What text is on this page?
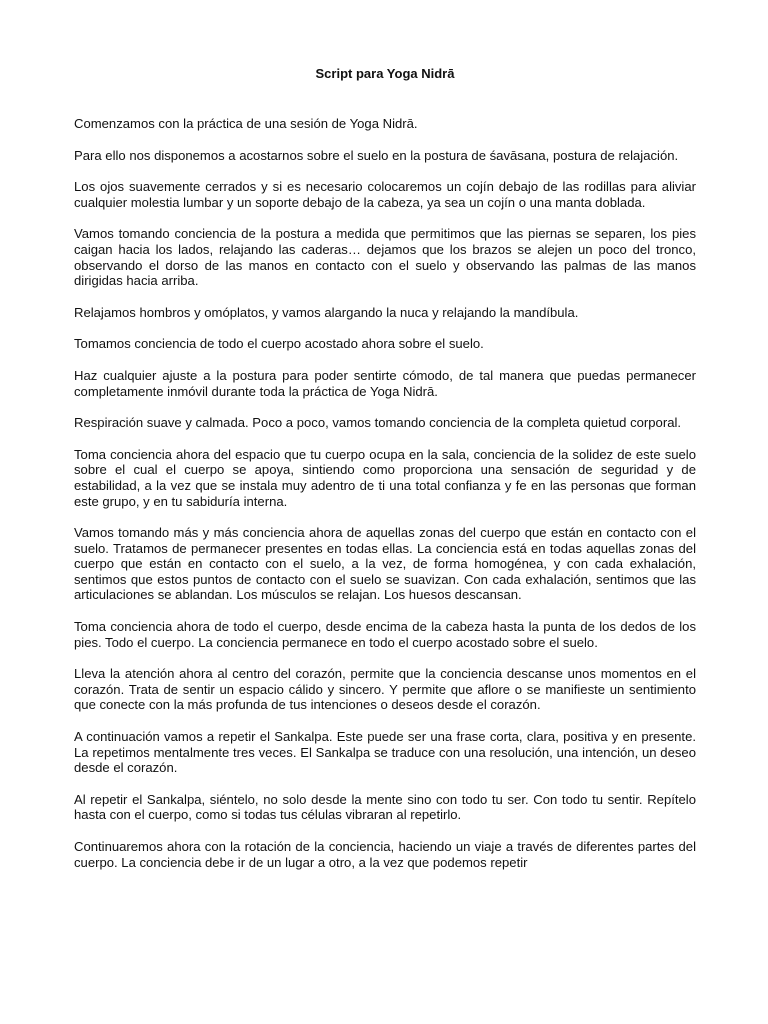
Script para Yoga Nidrā

Comenzamos con la práctica de una sesión de Yoga Nidrā.

Para ello nos disponemos a acostarnos sobre el suelo en la postura de śavāsana, postura de relajación.

Los ojos suavemente cerrados y si es necesario colocaremos un cojín debajo de las rodillas para aliviar cualquier molestia lumbar y un soporte debajo de la cabeza, ya sea un cojín o una manta doblada.

Vamos tomando conciencia de la postura a medida que permitimos que las piernas se separen, los pies caigan hacia los lados, relajando las caderas… dejamos que los brazos se alejen un poco del tronco, observando el dorso de las manos en contacto con el suelo y observando las palmas de las manos dirigidas hacia arriba.

Relajamos hombros y omóplatos, y vamos alargando la nuca y relajando la mandíbula.

Tomamos conciencia de todo el cuerpo acostado ahora sobre el suelo.

Haz cualquier ajuste a la postura para poder sentirte cómodo, de tal manera que puedas permanecer completamente inmóvil durante toda la práctica de Yoga Nidrā.

Respiración suave y calmada. Poco a poco, vamos tomando conciencia de la completa quietud corporal.

Toma conciencia ahora del espacio que tu cuerpo ocupa en la sala, conciencia de la solidez de este suelo sobre el cual el cuerpo se apoya, sintiendo como proporciona una sensación de seguridad y de estabilidad, a la vez que se instala muy adentro de ti una total confianza y fe en las personas que forman este grupo, y en tu sabiduría interna.

Vamos tomando más y más conciencia ahora de aquellas zonas del cuerpo que están en contacto con el suelo. Tratamos de permanecer presentes en todas ellas. La conciencia está en todas aquellas zonas del cuerpo que están en contacto con el suelo, a la vez, de forma homogénea, y con cada exhalación, sentimos que estos puntos de contacto con el suelo se suavizan. Con cada exhalación, sentimos que las articulaciones se ablandan. Los músculos se relajan. Los huesos descansan.

Toma conciencia ahora de todo el cuerpo, desde encima de la cabeza hasta la punta de los dedos de los pies. Todo el cuerpo. La conciencia permanece en todo el cuerpo acostado sobre el suelo.

Lleva la atención ahora al centro del corazón, permite que la conciencia descanse unos momentos en el corazón. Trata de sentir un espacio cálido y sincero. Y permite que aflore o se manifieste un sentimiento que conecte con la más profunda de tus intenciones o deseos desde el corazón.

A continuación vamos a repetir el Sankalpa. Este puede ser una frase corta, clara, positiva y en presente. La repetimos mentalmente tres veces. El Sankalpa se traduce con una resolución, una intención, un deseo desde el corazón.

Al repetir el Sankalpa, siéntelo, no solo desde la mente sino con todo tu ser. Con todo tu sentir. Repítelo hasta con el cuerpo, como si todas tus células vibraran al repetirlo.

Continuaremos ahora con la rotación de la conciencia, haciendo un viaje a través de diferentes partes del cuerpo. La conciencia debe ir de un lugar a otro, a la vez que podemos repetir
